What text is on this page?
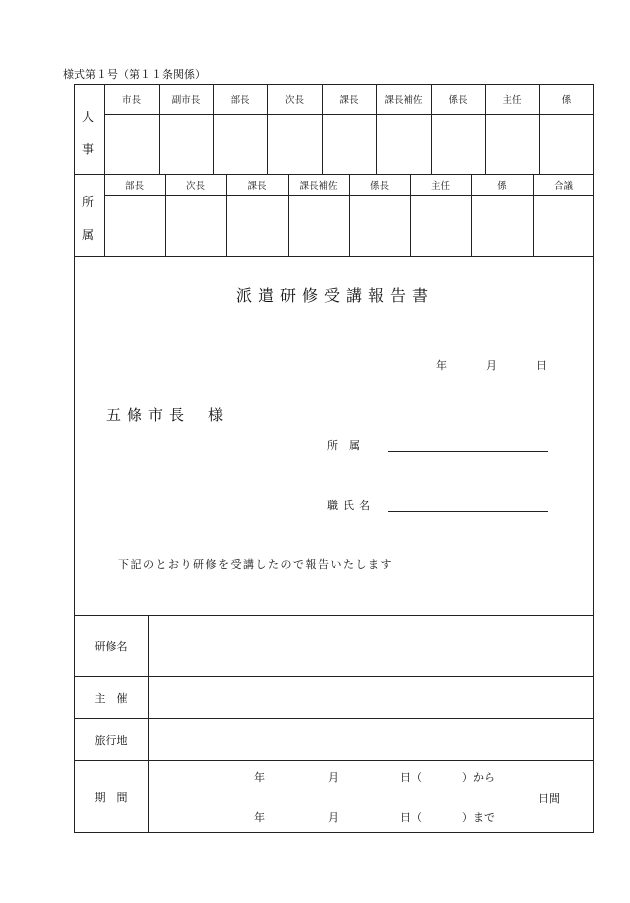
様式第１号（第１１条関係）
人
事
市長	副市長	部長	次長	課長	課長補佐	係長	主任	係
所
属
部長	次長	課長	課長補佐	係長	主任	係	合議
派遣研修受講報告書
年	月	日
五條市長 様
所　属
職氏名
下記のとおり研修を受講したので報告いたします
研修名
主　催
旅行地
期　間
年	月	日（	）から
日間
年	月	日（	）まで
